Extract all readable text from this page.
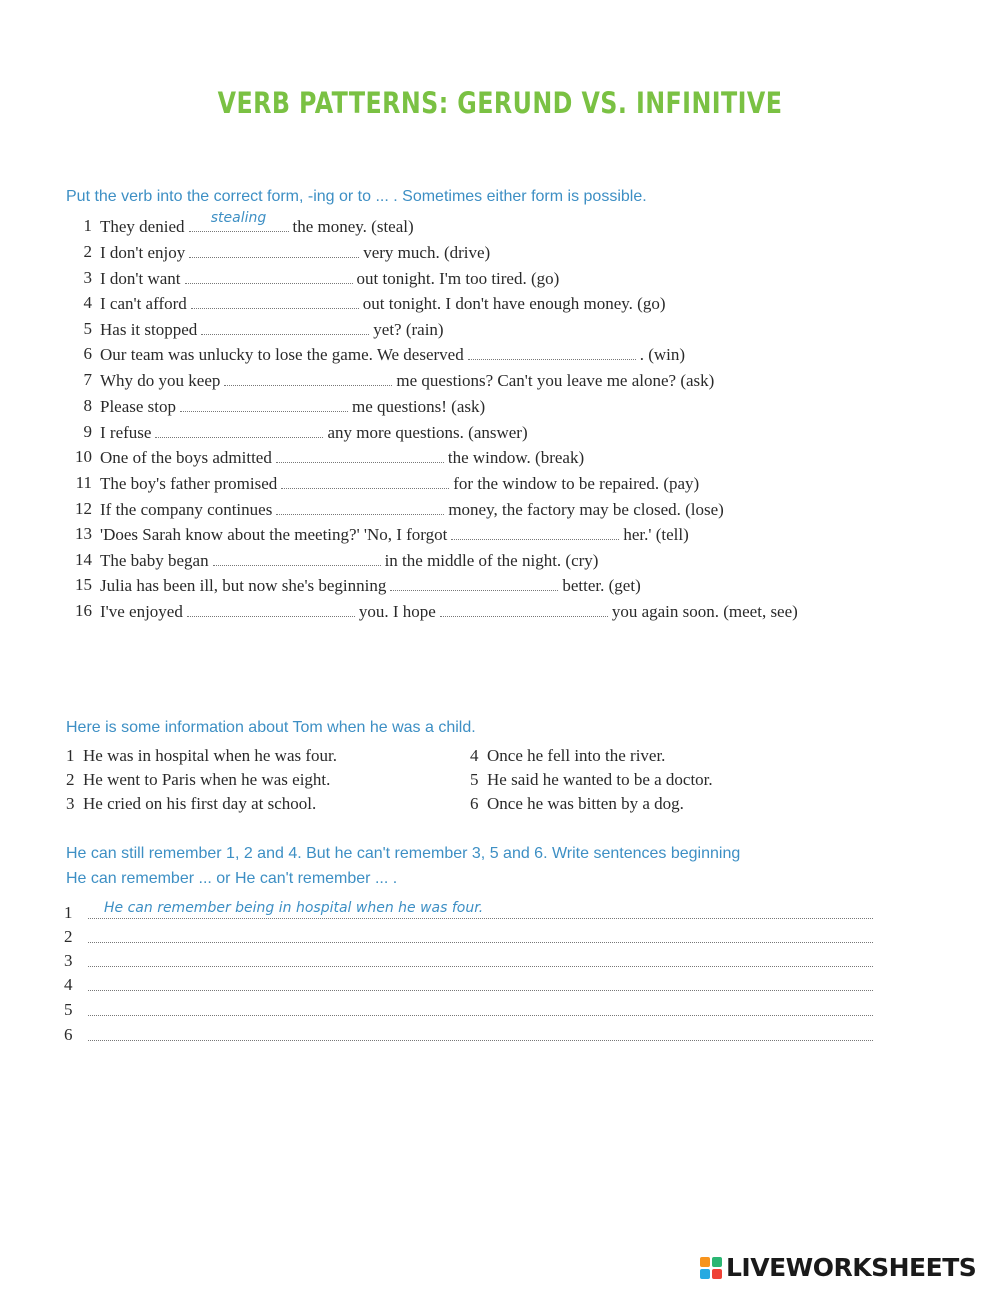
VERB PATTERNS: GERUND VS. INFINITIVE
Put the verb into the correct form, -ing or to ... . Sometimes either form is possible.
1 They denied	stealing	the money. (steal)
2 I don't enjoy	very much. (drive)
3 I don't want	out tonight. I'm too tired. (go)
4 I can't afford	out tonight. I don't have enough money. (go)
5 Has it stopped	yet? (rain)
6 Our team was unlucky to lose the game. We deserved	. (win)
7 Why do you keep	me questions? Can't you leave me alone? (ask)
8 Please stop	me questions! (ask)
9 I refuse	any more questions. (answer)
10 One of the boys admitted	the window. (break)
11 The boy's father promised	for the window to be repaired. (pay)
12 If the company continues	money, the factory may be closed. (lose)
13 'Does Sarah know about the meeting?' 'No, I forgot	her.' (tell)
14 The baby began	in the middle of the night. (cry)
15 Julia has been ill, but now she's beginning	better. (get)
16 I've enjoyed	you. I hope	you again soon. (meet, see)
Here is some information about Tom when he was a child.
1 He was in hospital when he was four.
2 He went to Paris when he was eight.
3 He cried on his first day at school.
4 Once he fell into the river.
5 He said he wanted to be a doctor.
6 Once he was bitten by a dog.
He can still remember 1, 2 and 4. But he can't remember 3, 5 and 6. Write sentences beginning
He can remember ... or He can't remember ... .
1 He can remember being in hospital when he was four.
2
3
4
5
6
LIVEWORKSHEETS
